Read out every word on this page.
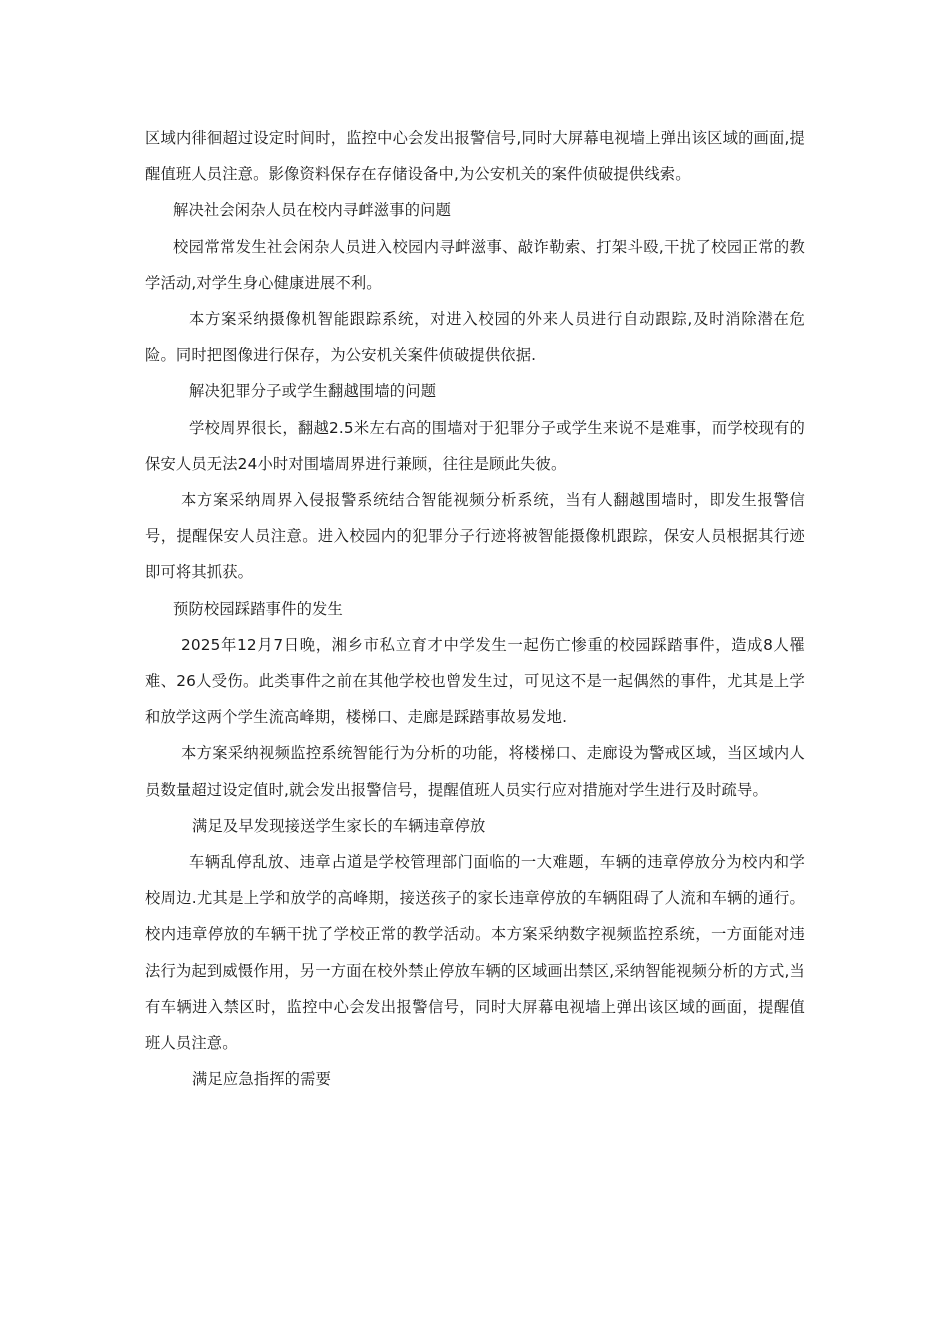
区域内徘徊超过设定时间时，监控中心会发出报警信号,同时大屏幕电视墙上弹出该区域的画面,提醒值班人员注意。影像资料保存在存储设备中,为公安机关的案件侦破提供线索。

解决社会闲杂人员在校内寻衅滋事的问题

校园常常发生社会闲杂人员进入校园内寻衅滋事、敲诈勒索、打架斗殴,干扰了校园正常的教学活动,对学生身心健康进展不利。

本方案采纳摄像机智能跟踪系统，对进入校园的外来人员进行自动跟踪,及时消除潜在危险。同时把图像进行保存，为公安机关案件侦破提供依据.

解决犯罪分子或学生翻越围墙的问题

学校周界很长，翻越2.5米左右高的围墙对于犯罪分子或学生来说不是难事，而学校现有的保安人员无法24小时对围墙周界进行兼顾，往往是顾此失彼。

本方案采纳周界入侵报警系统结合智能视频分析系统，当有人翻越围墙时，即发生报警信号，提醒保安人员注意。进入校园内的犯罪分子行迹将被智能摄像机跟踪，保安人员根据其行迹即可将其抓获。

预防校园踩踏事件的发生

2025年12月7日晚，湘乡市私立育才中学发生一起伤亡惨重的校园踩踏事件，造成8人罹难、26人受伤。此类事件之前在其他学校也曾发生过，可见这不是一起偶然的事件，尤其是上学和放学这两个学生流高峰期，楼梯口、走廊是踩踏事故易发地.

本方案采纳视频监控系统智能行为分析的功能，将楼梯口、走廊设为警戒区域，当区域内人员数量超过设定值时,就会发出报警信号，提醒值班人员实行应对措施对学生进行及时疏导。

满足及早发现接送学生家长的车辆违章停放

车辆乱停乱放、违章占道是学校管理部门面临的一大难题，车辆的违章停放分为校内和学校周边.尤其是上学和放学的高峰期，接送孩子的家长违章停放的车辆阻碍了人流和车辆的通行。校内违章停放的车辆干扰了学校正常的教学活动。本方案采纳数字视频监控系统，一方面能对违法行为起到威慑作用，另一方面在校外禁止停放车辆的区域画出禁区,采纳智能视频分析的方式,当有车辆进入禁区时，监控中心会发出报警信号，同时大屏幕电视墙上弹出该区域的画面，提醒值班人员注意。

满足应急指挥的需要
